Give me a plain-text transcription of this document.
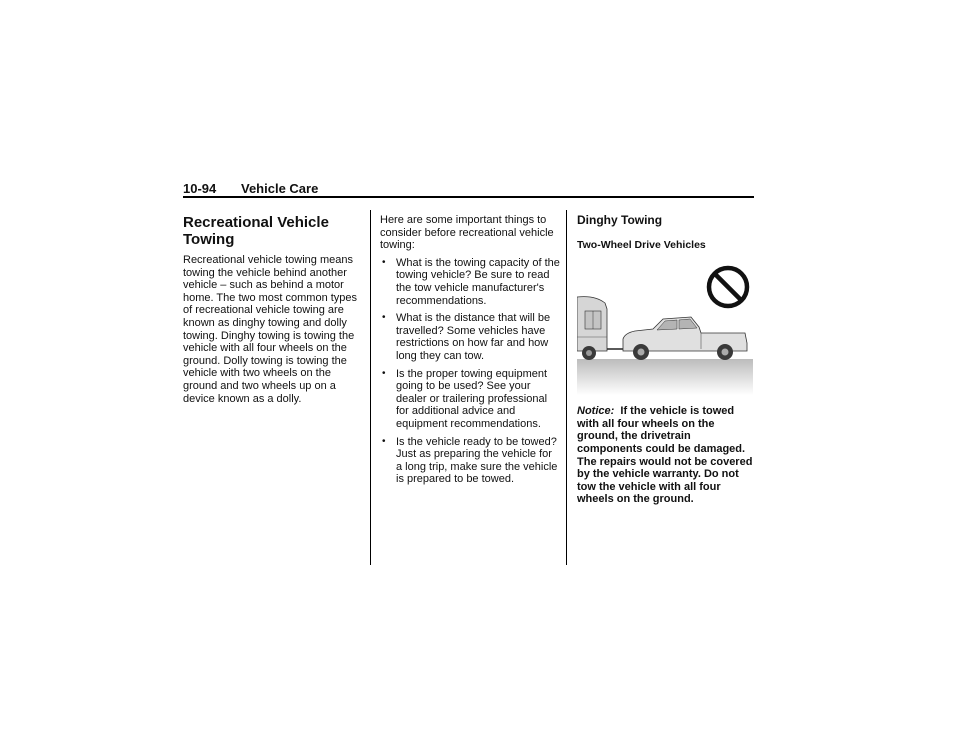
10-94 Vehicle Care
Recreational Vehicle Towing

Recreational vehicle towing means towing the vehicle behind another vehicle – such as behind a motor home. The two most common types of recreational vehicle towing are known as dinghy towing and dolly towing. Dinghy towing is towing the vehicle with all four wheels on the ground. Dolly towing is towing the vehicle with two wheels on the ground and two wheels up on a device known as a dolly.

Here are some important things to consider before recreational vehicle towing:

• What is the towing capacity of the towing vehicle? Be sure to read the tow vehicle manufacturer's recommendations.
• What is the distance that will be travelled? Some vehicles have restrictions on how far and how long they can tow.
• Is the proper towing equipment going to be used? See your dealer or trailering professional for additional advice and equipment recommendations.
• Is the vehicle ready to be towed? Just as preparing the vehicle for a long trip, make sure the vehicle is prepared to be towed.
Dinghy Towing
Two-Wheel Drive Vehicles

Notice: If the vehicle is towed with all four wheels on the ground, the drivetrain components could be damaged. The repairs would not be covered by the vehicle warranty. Do not tow the vehicle with all four wheels on the ground.
